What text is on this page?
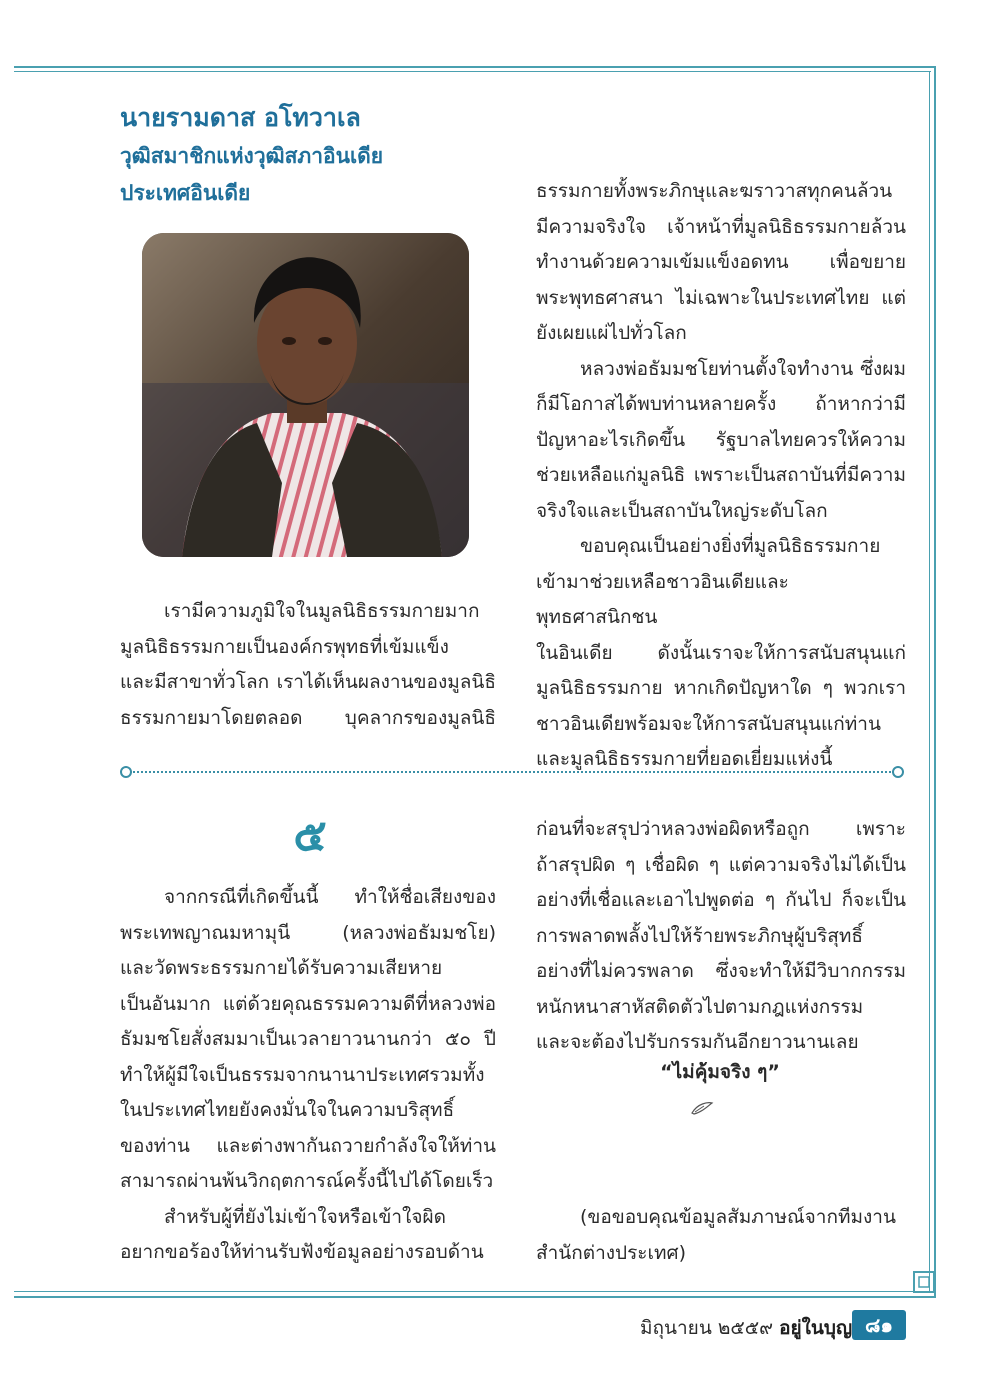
นายรามดาส อโทวาเล
วุฒิสมาชิกแห่งวุฒิสภาอินเดีย
ประเทศอินเดีย

เรามีความภูมิใจในมูลนิธิธรรมกายมาก

มูลนิธิธรรมกายเป็นองค์กรพุทธที่เข้มแข็ง

และมีสาขาทั่วโลก เราได้เห็นผลงานของมูลนิธิ

ธรรมกายมาโดยตลอด บุคลากรของมูลนิธิ

ธรรมกายทั้งพระภิกษุและฆราวาสทุกคนล้วน

มีความจริงใจ เจ้าหน้าที่มูลนิธิธรรมกายล้วน

ทำงานด้วยความเข้มแข็งอดทน เพื่อขยาย

พระพุทธศาสนา ไม่เฉพาะในประเทศไทย แต่

ยังเผยแผ่ไปทั่วโลก

หลวงพ่อธัมมชโยท่านตั้งใจทำงาน ซึ่งผม

ก็มีโอกาสได้พบท่านหลายครั้ง ถ้าหากว่ามี

ปัญหาอะไรเกิดขึ้น รัฐบาลไทยควรให้ความ

ช่วยเหลือแก่มูลนิธิ เพราะเป็นสถาบันที่มีความ

จริงใจและเป็นสถาบันใหญ่ระดับโลก

ขอบคุณเป็นอย่างยิ่งที่มูลนิธิธรรมกาย

เข้ามาช่วยเหลือชาวอินเดียและพุทธศาสนิกชน

ในอินเดีย ดังนั้นเราจะให้การสนับสนุนแก่

มูลนิธิธรรมกาย หากเกิดปัญหาใด ๆ พวกเรา

ชาวอินเดียพร้อมจะให้การสนับสนุนแก่ท่าน

และมูลนิธิธรรมกายที่ยอดเยี่ยมแห่งนี้

๕

จากกรณีที่เกิดขึ้นนี้ ทำให้ชื่อเสียงของ

พระเทพญาณมหามุนี (หลวงพ่อธัมมชโย)

และวัดพระธรรมกายได้รับความเสียหาย

เป็นอันมาก แต่ด้วยคุณธรรมความดีที่หลวงพ่อ

ธัมมชโยสั่งสมมาเป็นเวลายาวนานกว่า ๕๐ ปี

ทำให้ผู้มีใจเป็นธรรมจากนานาประเทศรวมทั้ง

ในประเทศไทยยังคงมั่นใจในความบริสุทธิ์

ของท่าน และต่างพากันถวายกำลังใจให้ท่าน

สามารถผ่านพ้นวิกฤตการณ์ครั้งนี้ไปได้โดยเร็ว

สำหรับผู้ที่ยังไม่เข้าใจหรือเข้าใจผิด

อยากขอร้องให้ท่านรับฟังข้อมูลอย่างรอบด้าน

ก่อนที่จะสรุปว่าหลวงพ่อผิดหรือถูก เพราะ

ถ้าสรุปผิด ๆ เชื่อผิด ๆ แต่ความจริงไม่ได้เป็น

อย่างที่เชื่อและเอาไปพูดต่อ ๆ กันไป ก็จะเป็น

การพลาดพลั้งไปให้ร้ายพระภิกษุผู้บริสุทธิ์

อย่างที่ไม่ควรพลาด ซึ่งจะทำให้มีวิบากกรรม

หนักหนาสาหัสติดตัวไปตามกฎแห่งกรรม

และจะต้องไปรับกรรมกันอีกยาวนานเลย

“ไม่คุ้มจริง ๆ”

(ขอขอบคุณข้อมูลสัมภาษณ์จากทีมงาน

สำนักต่างประเทศ)

มิถุนายน ๒๕๕๙ อยู่ในบุญ ๘๑
